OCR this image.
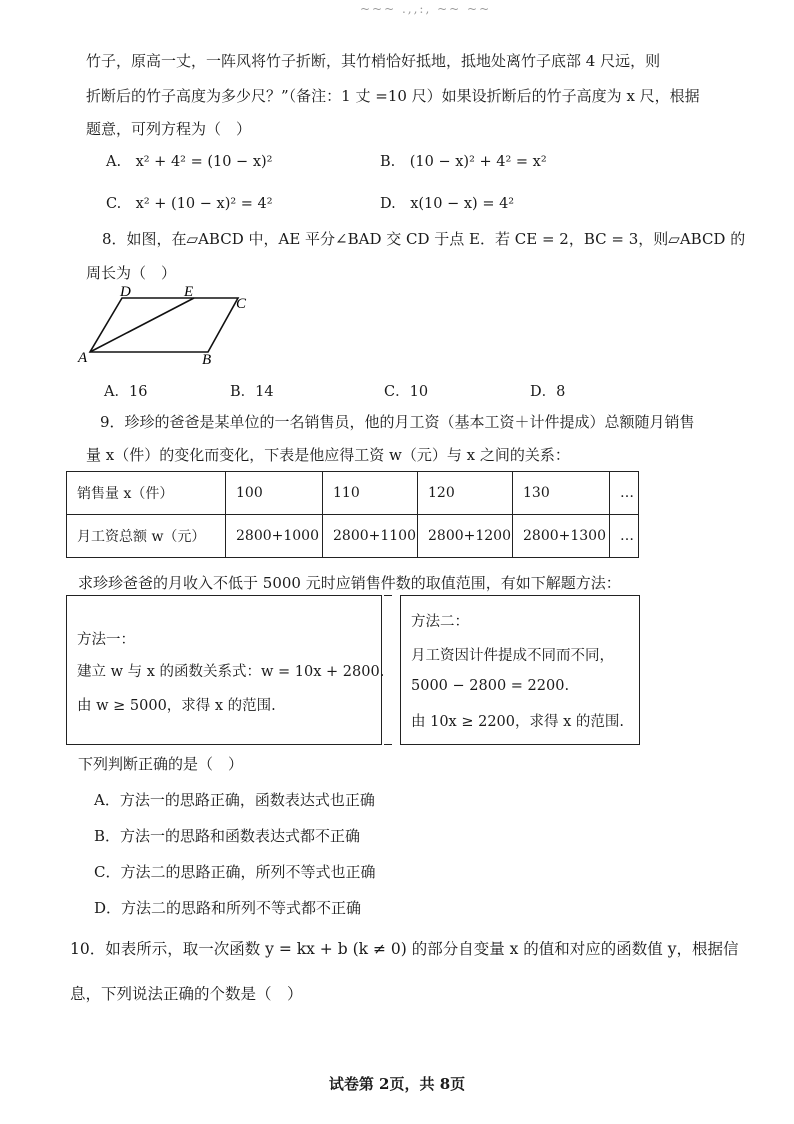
~~~ .,,:, ~~ ~~
竹子，原高一丈，一阵风将竹子折断，其竹梢恰好抵地，抵地处离竹子底部 4 尺远，则
折断后的竹子高度为多少尺？”（备注：1 丈 =10 尺）如果设折断后的竹子高度为 x 尺，根据
题意，可列方程为（　）
A.　x² + 4² = (10 − x)²	B.　(10 − x)² + 4² = x²
C.　x² + (10 − x)² = 4²	D.　x(10 − x) = 4²
8．如图，在▱ABCD 中，AE 平分∠BAD 交 CD 于点 E．若 CE = 2，BC = 3，则▱ABCD 的
周长为（　）
D	E
C
A	B
A．16	B．14	C．10	D．8
9．珍珍的爸爸是某单位的一名销售员，他的月工资（基本工资＋计件提成）总额随月销售
量 x（件）的变化而变化，下表是他应得工资 w（元）与 x 之间的关系：
销售量 x（件）	100	110	120	130	…
月工资总额 w（元）	2800+1000	2800+1100	2800+1200	2800+1300	…
求珍珍爸爸的月收入不低于 5000 元时应销售件数的取值范围，有如下解题方法：
方法一：
建立 w 与 x 的函数关系式：w = 10x + 2800.
由 w ≥ 5000，求得 x 的范围.
方法二：
月工资因计件提成不同而不同，
5000 − 2800 = 2200.
由 10x ≥ 2200，求得 x 的范围.
下列判断正确的是（　）
A．方法一的思路正确，函数表达式也正确
B．方法一的思路和函数表达式都不正确
C．方法二的思路正确，所列不等式也正确
D．方法二的思路和所列不等式都不正确
10．如表所示，取一次函数 y = kx + b (k ≠ 0) 的部分自变量 x 的值和对应的函数值 y，根据信
息，下列说法正确的个数是（　）
试卷第 2页，共 8页
